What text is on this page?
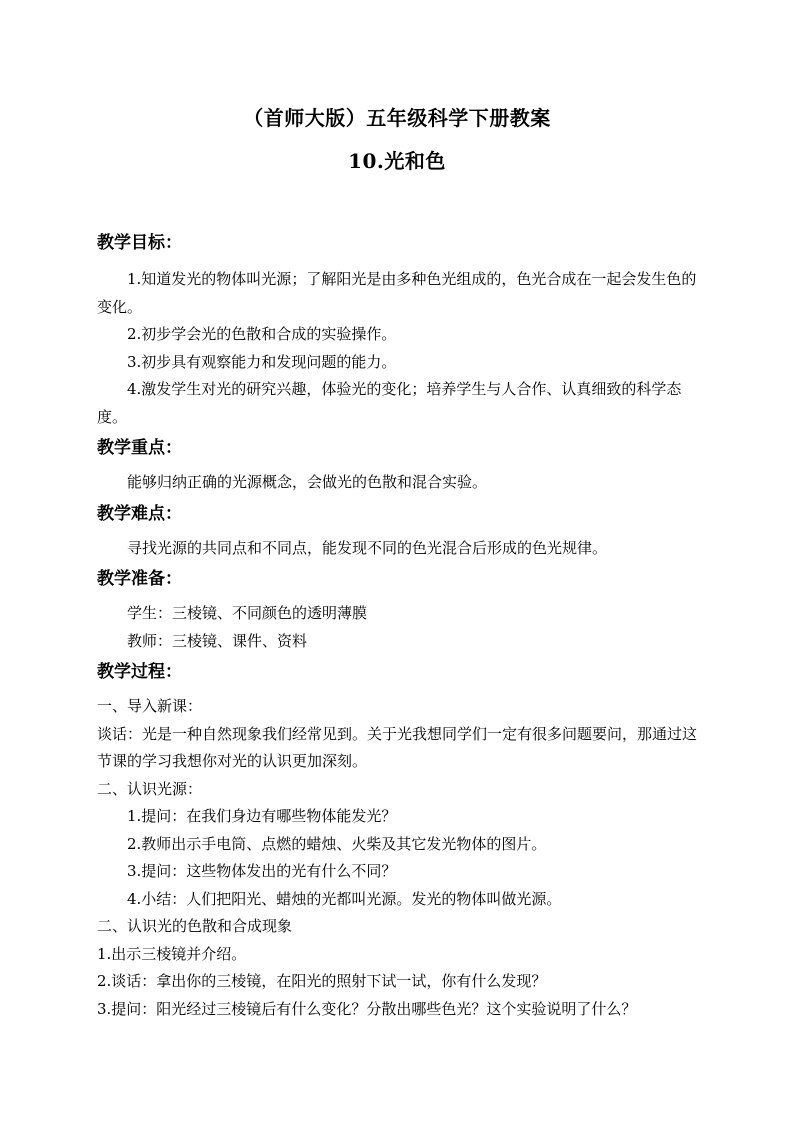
（首师大版）五年级科学下册教案
10.光和色

教学目标：

1.知道发光的物体叫光源；了解阳光是由多种色光组成的，色光合成在一起会发生色的变化。

2.初步学会光的色散和合成的实验操作。

3.初步具有观察能力和发现问题的能力。

4.激发学生对光的研究兴趣，体验光的变化；培养学生与人合作、认真细致的科学态度。

教学重点：

能够归纳正确的光源概念，会做光的色散和混合实验。

教学难点：

寻找光源的共同点和不同点，能发现不同的色光混合后形成的色光规律。

教学准备：

学生：三棱镜、不同颜色的透明薄膜

教师：三棱镜、课件、资料

教学过程：

一、导入新课：

谈话：光是一种自然现象我们经常见到。关于光我想同学们一定有很多问题要问，那通过这节课的学习我想你对光的认识更加深刻。

二、认识光源：

1.提问：在我们身边有哪些物体能发光？

2.教师出示手电筒、点燃的蜡烛、火柴及其它发光物体的图片。

3.提问：这些物体发出的光有什么不同？

4.小结：人们把阳光、蜡烛的光都叫光源。发光的物体叫做光源。

二、认识光的色散和合成现象

1.出示三棱镜并介绍。

2.谈话：拿出你的三棱镜，在阳光的照射下试一试，你有什么发现？

3.提问：阳光经过三棱镜后有什么变化？分散出哪些色光？这个实验说明了什么？
